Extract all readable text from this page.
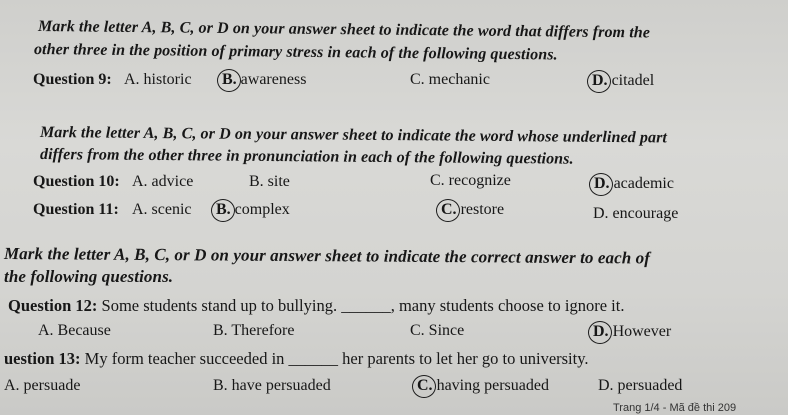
Mark the letter A, B, C, or D on your answer sheet to indicate the word that differs from the
other three in the position of primary stress in each of the following questions.
Question 9: A. historic B. awareness	C. mechanic	D. citadel
Mark the letter A, B, C, or D on your answer sheet to indicate the word whose underlined part
differs from the other three in pronunciation in each of the following questions.
Question 10: A. advice	B. site	C. recognize	D. academic
Question 11: A. scenic B. complex	C. restore	D. encourage
Mark the letter A, B, C, or D on your answer sheet to indicate the correct answer to each of
the following questions.
Question 12: Some students stand up to bullying. ______, many students choose to ignore it.
A. Because	B. Therefore	C. Since	D. However
uestion 13: My form teacher succeeded in ______ her parents to let her go to university.
A. persuade	B. have persuaded	C. having persuaded	D. persuaded
Trang 1/4 - Mã đề thi 209
